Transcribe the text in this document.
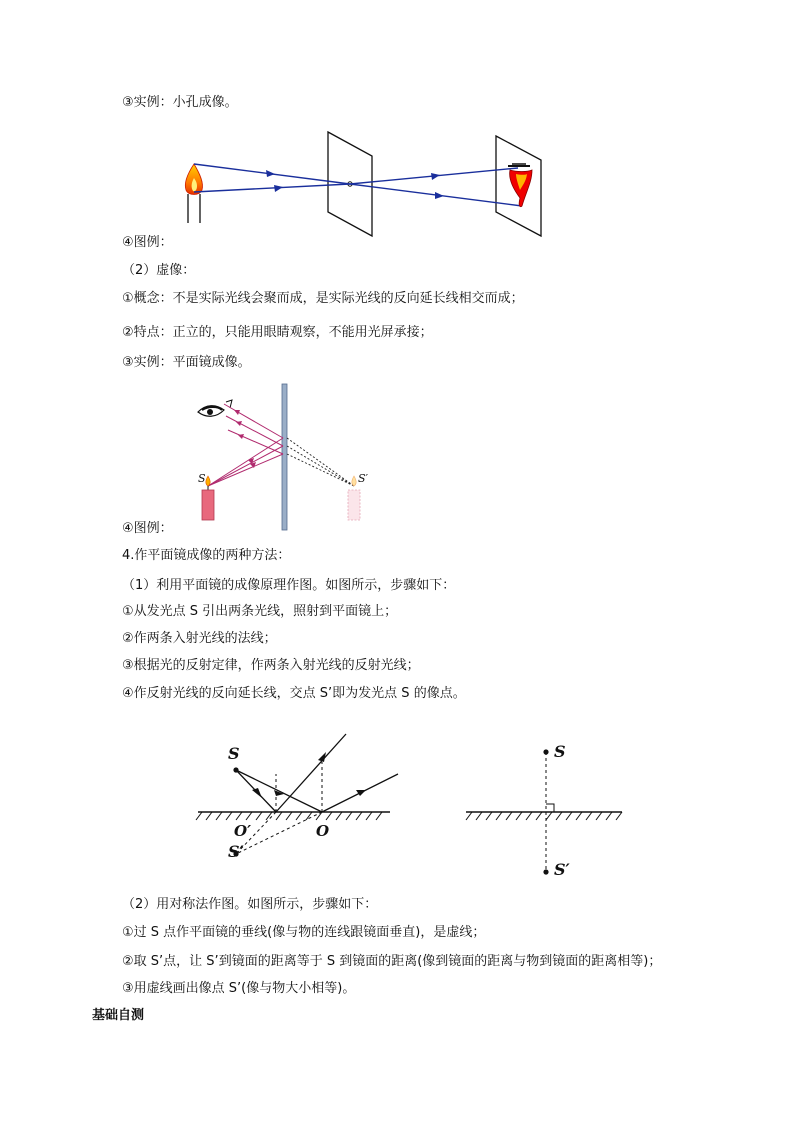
③实例：小孔成像。
④图例：
（2）虚像：
①概念：不是实际光线会聚而成，是实际光线的反向延长线相交而成；
②特点：正立的，只能用眼睛观察，不能用光屏承接；
③实例：平面镜成像。
④图例：
4.作平面镜成像的两种方法：
（1）利用平面镜的成像原理作图。如图所示，步骤如下：
①从发光点 S 引出两条光线，照射到平面镜上；
②作两条入射光线的法线；
③根据光的反射定律，作两条入射光线的反射光线；
④作反射光线的反向延长线，交点 S’即为发光点 S 的像点。
（2）用对称法作图。如图所示，步骤如下：
①过 S 点作平面镜的垂线(像与物的连线跟镜面垂直)，是虚线；
②取 S’点，让 S’到镜面的距离等于 S 到镜面的距离(像到镜面的距离与物到镜面的距离相等)；
③用虚线画出像点 S’(像与物大小相等)。
基础自测
S	S′
S
O′	O
S′
S
S′
